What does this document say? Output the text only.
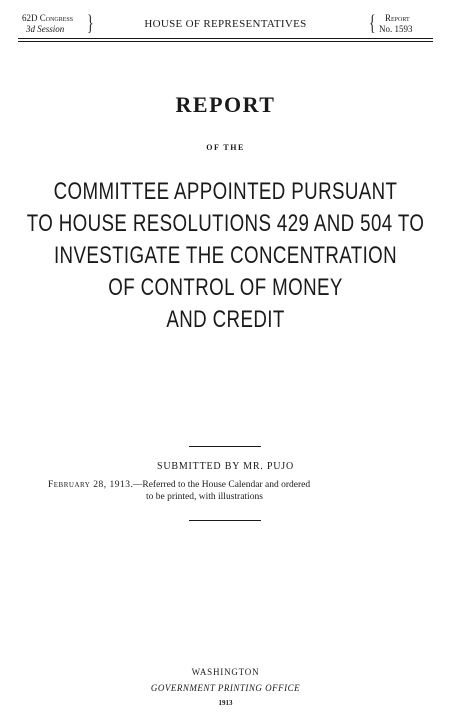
62D Congress
3d Session	}	HOUSE OF REPRESENTATIVES	{	Report
No. 1593
REPORT
OF THE
COMMITTEE APPOINTED PURSUANT
TO HOUSE RESOLUTIONS 429 AND 504 TO
INVESTIGATE THE CONCENTRATION
OF CONTROL OF MONEY
AND CREDIT
SUBMITTED BY MR. PUJO
February 28, 1913.—Referred to the House Calendar and ordered
to be printed, with illustrations
WASHINGTON
GOVERNMENT PRINTING OFFICE
1913
